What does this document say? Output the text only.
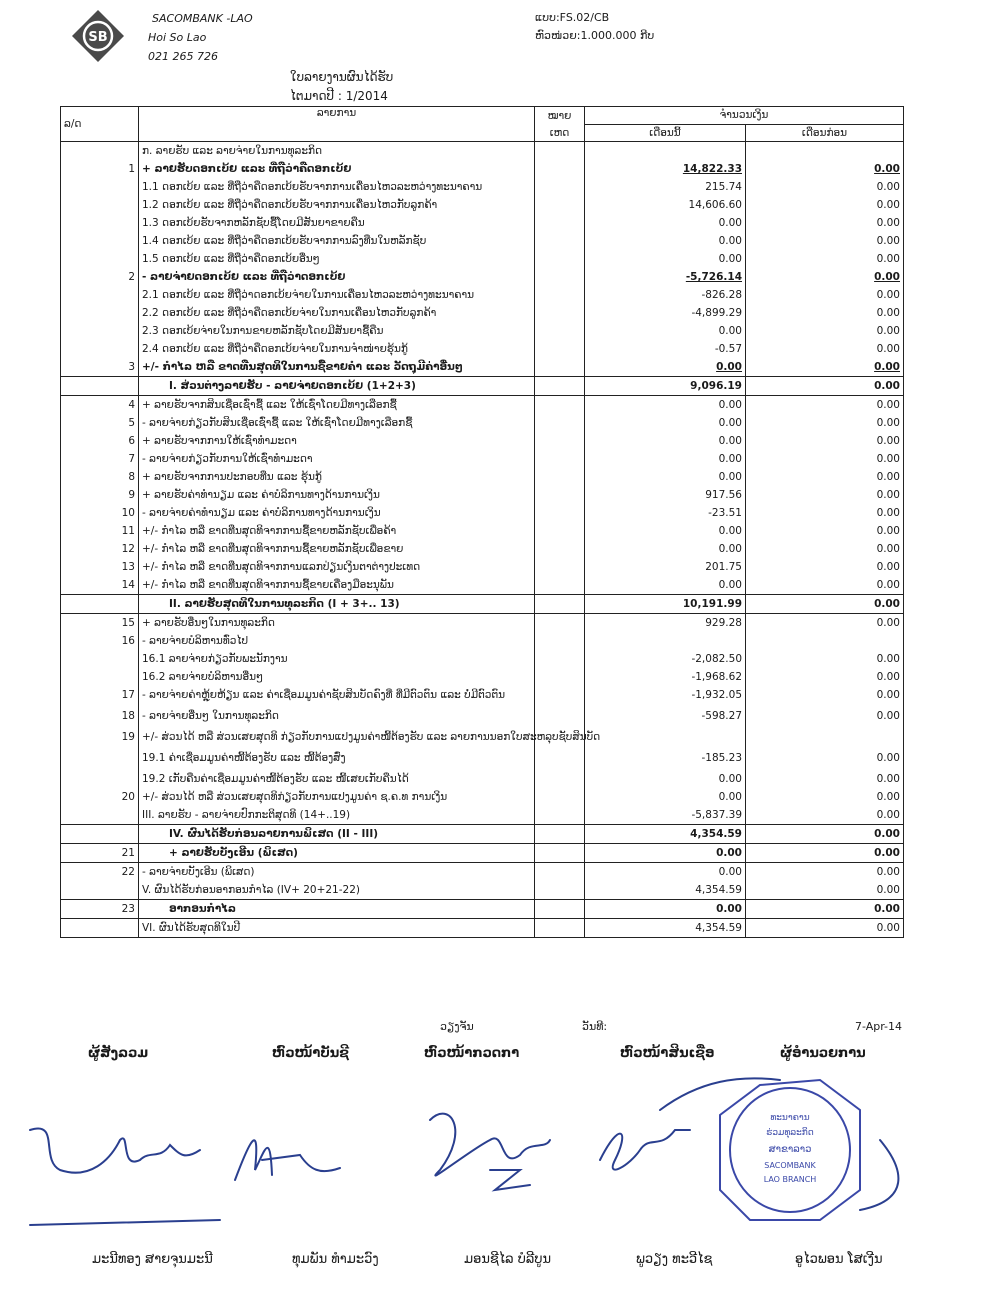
SB
SACOMBANK -LAO
Hoi So Lao
021 265 726
ແບບ:FS.02/CB
ຫົວໜ່ວຍ:1.000.000 ກີບ
ໃບລາຍງານຜົນໄດ້ຮັບ
ໄຕມາດປີ : 1/2014
ລ/ດ	ລາຍການ	ໝາຍ	ຈຳນວນເງິນ	
		ເຫດ	ເດືອນນີ້	ເດືອນກ່ອນ
	ກ. ລາຍຮັບ ແລະ ລາຍຈ່າຍໃນການທຸລະກິດ			
1	+ ລາຍຮັບດອກເບ້ຍ ແລະ ທີ່ຖືວ່າຄືດອກເບ້ຍ		14,822.33	0.00
	1.1 ດອກເບ້ຍ ແລະ ທີ່ຖືວ່າຄືດອກເບ້ຍຮັບຈາກການເຄື່ອນໄຫວລະຫວ່າງທະນາຄານ		215.74	0.00
	1.2 ດອກເບ້ຍ ແລະ ທີ່ຖືວ່າຄືດອກເບ້ຍຮັບຈາກການເຄື່ອນໄຫວກັບລູກຄ້າ		14,606.60	0.00
	1.3 ດອກເບ້ຍຮັບຈາກຫລັກຊັບຊື້ໂດຍມີສັນຍາຂາຍຄືນ		0.00	0.00
	1.4 ດອກເບ້ຍ ແລະ ທີ່ຖືວ່າຄືດອກເບ້ຍຮັບຈາກການລົງທືນໃນຫລັກຊັບ		0.00	0.00
	1.5 ດອກເບ້ຍ ແລະ ທີ່ຖືວ່າຄືດອກເບ້ຍອື່ນໆ		0.00	0.00
2	- ລາຍຈ່າຍດອກເບ້ຍ ແລະ ທີ່ຖືວ່າດອກເບ້ຍ		-5,726.14	0.00
	2.1 ດອກເບ້ຍ ແລະ ທີ່ຖືວ່າດອກເບ້ຍຈ່າຍໃນການເຄື່ອນໄຫວລະຫວ່າງທະນາຄານ		-826.28	0.00
	2.2 ດອກເບ້ຍ ແລະ ທີ່ຖືວ່າຄືດອກເບ້ຍຈ່າຍໃນການເຄື່ອນໄຫວກັບລູກຄ້າ		-4,899.29	0.00
	2.3 ດອກເບ້ຍຈ່າຍໃນການຂາຍຫລັກຊັບໂດຍມີສັນຍາຊື້ຄືນ		0.00	0.00
	2.4 ດອກເບ້ຍ ແລະ ທີ່ຖືວ່າຄືດອກເບ້ຍຈ່າຍໃນການຈຳໜ່າຍຮຸ້ນກູ້		-0.57	0.00
3	+/- ກຳໄລ ຫລື ຂາດທືນສຸດທິໃນການຊື້ຂາຍຄຳ ແລະ ວັດຖຸມີຄ່າອື່ນໆ		0.00	0.00
	I. ສ່ວນຕ່າງລາຍຮັບ - ລາຍຈ່າຍດອກເບ້ຍ (1+2+3)		9,096.19	0.00
4	+ ລາຍຮັບຈາກສິນເຊື່ອເຊົ່າຊື້ ແລະ ໃຫ້ເຊົ່າໂດຍມີທາງເລືອກຊື້		0.00	0.00
5	- ລາຍຈ່າຍກ່ຽວກັບສິນເຊື່ອເຊົ່າຊື້ ແລະ ໃຫ້ເຊົ່າໂດຍມີທາງເລືອກຊື້		0.00	0.00
6	+ ລາຍຮັບຈາກການໃຫ້ເຊົ່າທຳມະດາ		0.00	0.00
7	- ລາຍຈ່າຍກ່ຽວກັບການໃຫ້ເຊົ່າທຳມະດາ		0.00	0.00
8	+ ລາຍຮັບຈາກການປະກອບທືນ ແລະ ຮຸ້ນກູ້		0.00	0.00
9	+ ລາຍຮັບຄ່າທຳນຽມ ແລະ ຄ່າບໍລິການທາງດ້ານການເງິນ		917.56	0.00
10	- ລາຍຈ່າຍຄ່າທຳນຽມ ແລະ ຄ່າບໍລິການທາງດ້ານການເງິນ		-23.51	0.00
11	+/- ກຳໄລ ຫລື ຂາດທືນສຸດທິຈາກການຊື້ຂາຍຫລັກຊັບເພື່ອຄ້າ		0.00	0.00
12	+/- ກຳໄລ ຫລື ຂາດທືນສຸດທິຈາກການຊື້ຂາຍຫລັກຊັບເພື່ອຂາຍ		0.00	0.00
13	+/- ກຳໄລ ຫລື ຂາດທືນສຸດທິຈາກການແລກປ່ຽນເງິນຕາຕ່າງປະເທດ		201.75	0.00
14	+/- ກຳໄລ ຫລື ຂາດທືນສຸດທິຈາກການຊື້ຂາຍເຄື່ອງມືອະນຸພັນ		0.00	0.00
	II. ລາຍຮັບສຸດທິໃນການທຸລະກິດ (I + 3+.. 13)		10,191.99	0.00
15	+ ລາຍຮັບອື່ນໆໃນການທຸລະກິດ		929.28	0.00
16	- ລາຍຈ່າຍບໍລິຫານທົ່ວໄປ			
	16.1 ລາຍຈ່າຍກ່ຽວກັບພະນັກງານ		-2,082.50	0.00
	16.2 ລາຍຈ່າຍບໍລິຫານອື່ນໆ		-1,968.62	0.00
17	- ລາຍຈ່າຍຄ່າຫຼຸ້ຍຫ້ຽນ ແລະ ຄ່າເຊື່ອມມູນຄ່າຊັບສິນບັດຄົງທີ່ ທີ່ມີຕົວຕົນ ແລະ ບໍ່ມີຕົວຕົນ		-1,932.05	0.00
18	- ລາຍຈ່າຍອື່ນໆ ໃນການທຸລະກິດ		-598.27	0.00
19	+/- ສ່ວນໄດ້ ຫລື ສ່ວນເສຍສຸດທິ ກ່ຽວກັບການແປງມູນຄ່າໜີ້ຕ້ອງຮັບ ແລະ ລາຍການນອກໃບສະຫລຸບຊັບສິນບັດ			
	19.1 ຄ່າເຊື່ອມມູນຄ່າໜີ້ຕ້ອງຮັບ ແລະ ໜີ້ຕ້ອງສົ່ງ		-185.23	0.00
	19.2 ເກັບຄືນຄ່າເຊື່ອມມູນຄ່າໜີ້ຕ້ອງຮັບ ແລະ ໜີ້ເສຍເກັບຄືນໄດ້		0.00	0.00
20	+/- ສ່ວນໄດ້ ຫລື ສ່ວນເສຍສຸດທິກ່ຽວກັບການແປງມູນຄ່າ ຊ.ຄ.ທ ການເງິນ		0.00	0.00
	III. ລາຍຮັບ - ລາຍຈ່າຍປົກກະຕິສຸດທິ (14+..19)		-5,837.39	0.00
	IV. ຜົນໄດ້ຮັບກ່ອນລາຍການພິເສດ (II - III)		4,354.59	0.00
21	+ ລາຍຮັບບັງເອີນ (ພິເສດ)		0.00	0.00
22	- ລາຍຈ່າຍບັງເອີນ (ພິເສດ)		0.00	0.00
	V. ຜົນໄດ້ຮັບກ່ອນອາກອນກຳໄລ (IV+ 20+21-22)		4,354.59	0.00
23	ອາກອນກຳໄລ		0.00	0.00
	VI. ຜົນໄດ້ຮັບສຸດທິໃນປີ		4,354.59	0.00
ວຽງຈັນ	ວັນທີ:	7-Apr-14
ຜູ້ສັງລວມ	ຫົວໜ້າບັນຊີ	ຫົວໜ້າກວດກາ	ຫົວໜ້າສິນເຊື່ອ	ຜູ້ອຳນວຍການ
ທະນາຄານ
ຮ່ວມທຸລະກິດ
ສາຂາລາວ
SACOMBANK
LAO BRANCH
ມະນີທອງ ສາຍຈຸນມະນີ	ທຸມພັນ ທຳມະວົງ	ມອນຊີໄລ ບໍລີບູນ	ພູວຽງ ທະວີໄຊ	ອູໄວພອນ ໂສເງີນ
